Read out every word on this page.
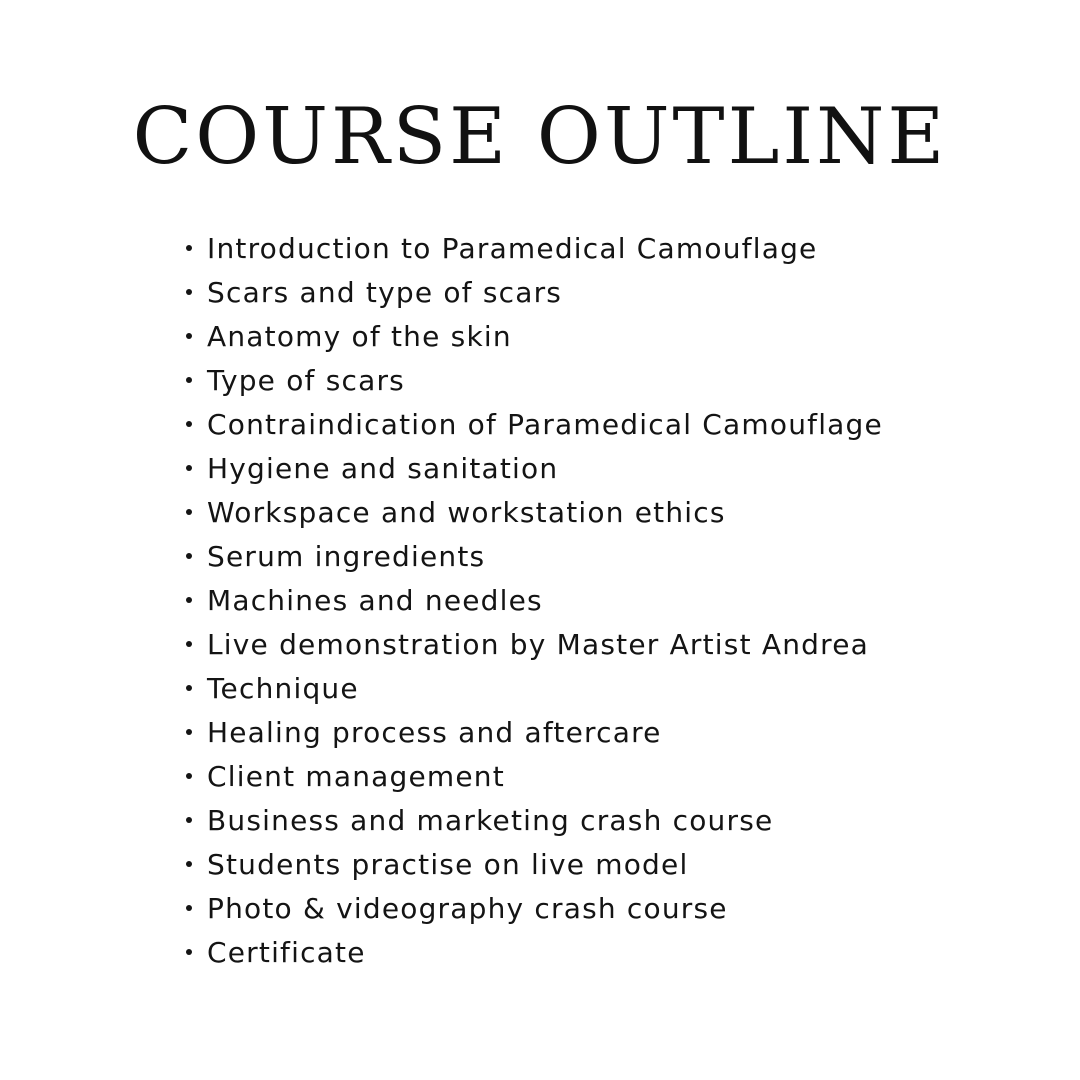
COURSE OUTLINE
Introduction to Paramedical Camouflage
Scars and type of scars
Anatomy of the skin
Type of scars
Contraindication of Paramedical Camouflage
Hygiene and sanitation
Workspace and workstation ethics
Serum ingredients
Machines and needles
Live demonstration by Master Artist Andrea
Technique
Healing process and aftercare
Client management
Business and marketing crash course
Students practise on live model
Photo & videography crash course
Certificate
